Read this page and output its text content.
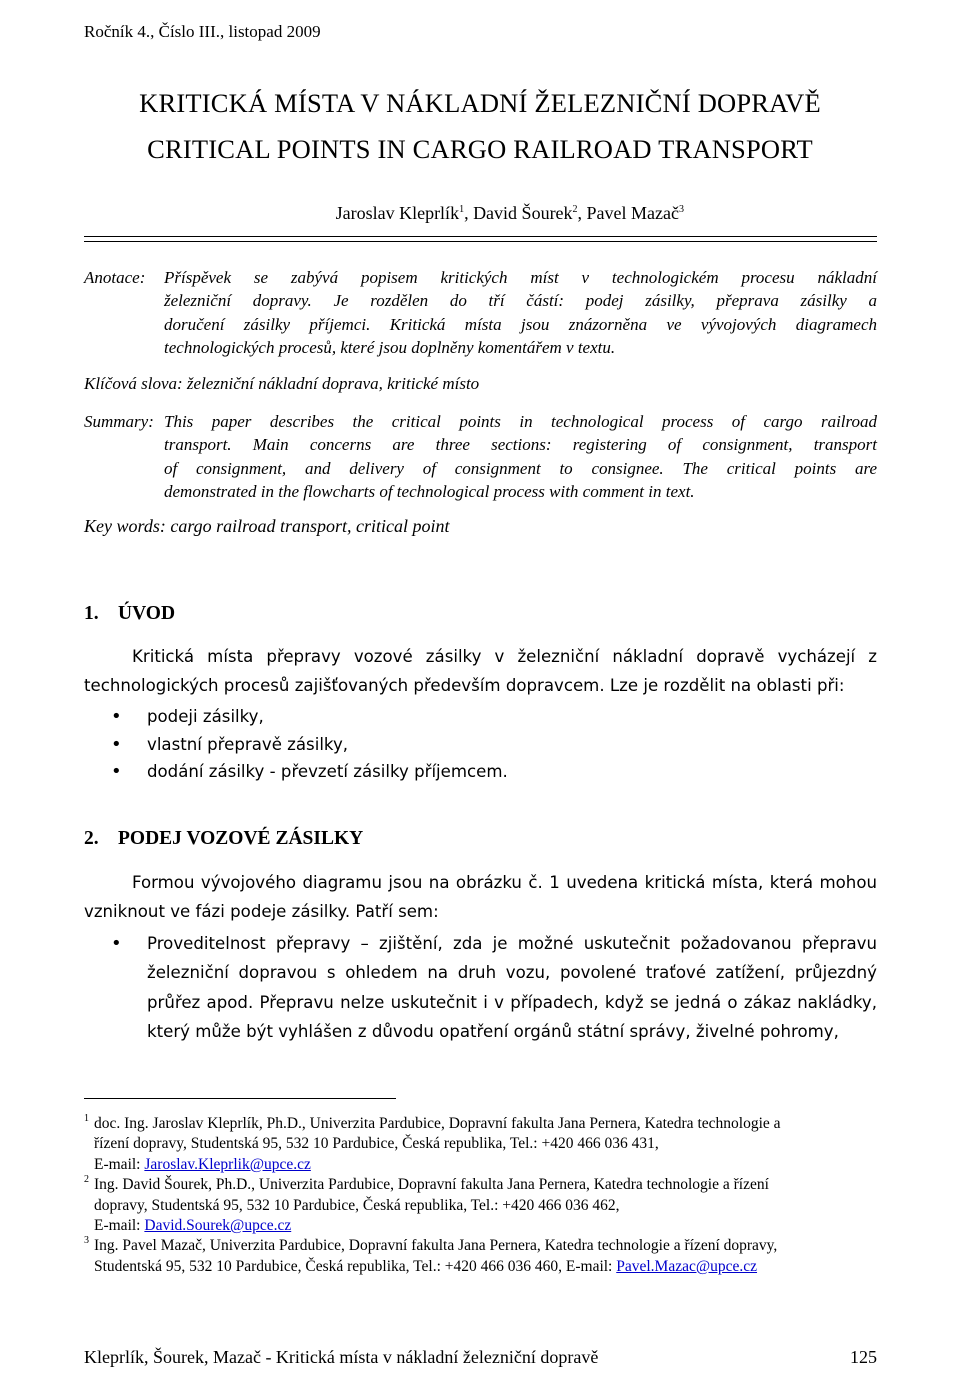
Ročník 4., Číslo III., listopad 2009
KRITICKÁ MÍSTA V NÁKLADNÍ ŽELEZNIČNÍ DOPRAVĚ
CRITICAL POINTS IN CARGO RAILROAD TRANSPORT
Jaroslav Kleprlík$^1$, David Šourek$^2$, Pavel Mazač$^3$
Anotace: Příspěvek se zabývá popisem kritických míst v technologickém procesu nákladní
železniční dopravy. Je rozdělen do tří částí: podej zásilky, přeprava zásilky a
doručení zásilky příjemci. Kritická místa jsou znázorněna ve vývojových diagramech
technologických procesů, které jsou doplněny komentářem v textu.
Klíčová slova: železniční nákladní doprava, kritické místo
Summary: This paper describes the critical points in technological process of cargo railroad
transport. Main concerns are three sections: registering of consignment, transport
of consignment, and delivery of consignment to consignee. The critical points are
demonstrated in the flowcharts of technological process with comment in text.
Key words: cargo railroad transport, critical point
1. ÚVOD
Kritická místa přepravy vozové zásilky v železniční nákladní dopravě vycházejí z technologických procesů zajišťovaných především dopravcem. Lze je rozdělit na oblasti při:
• podeji zásilky,
• vlastní přepravě zásilky,
• dodání zásilky - převzetí zásilky příjemcem.
2. PODEJ VOZOVÉ ZÁSILKY
Formou vývojového diagramu jsou na obrázku č. 1 uvedena kritická místa, která mohou vzniknout ve fázi podeje zásilky. Patří sem:
• Proveditelnost přepravy – zjištění, zda je možné uskutečnit požadovanou přepravu železniční dopravou s ohledem na druh vozu, povolené traťové zatížení, průjezdný průřez apod. Přepravu nelze uskutečnit i v případech, když se jedná o zákaz nakládky, který může být vyhlášen z důvodu opatření orgánů státní správy, živelné pohromy,
1 doc. Ing. Jaroslav Kleprlík, Ph.D., Univerzita Pardubice, Dopravní fakulta Jana Pernera, Katedra technologie a
řízení dopravy, Studentská 95, 532 10 Pardubice, Česká republika, Tel.: +420 466 036 431,
E-mail: Jaroslav.Kleprlik@upce.cz
2 Ing. David Šourek, Ph.D., Univerzita Pardubice, Dopravní fakulta Jana Pernera, Katedra technologie a řízení
dopravy, Studentská 95, 532 10 Pardubice, Česká republika, Tel.: +420 466 036 462,
E-mail: David.Sourek@upce.cz
3 Ing. Pavel Mazač, Univerzita Pardubice, Dopravní fakulta Jana Pernera, Katedra technologie a řízení dopravy,
Studentská 95, 532 10 Pardubice, Česká republika, Tel.: +420 466 036 460, E-mail: Pavel.Mazac@upce.cz
Kleprlík, Šourek, Mazač - Kritická místa v nákladní železniční dopravě	125
